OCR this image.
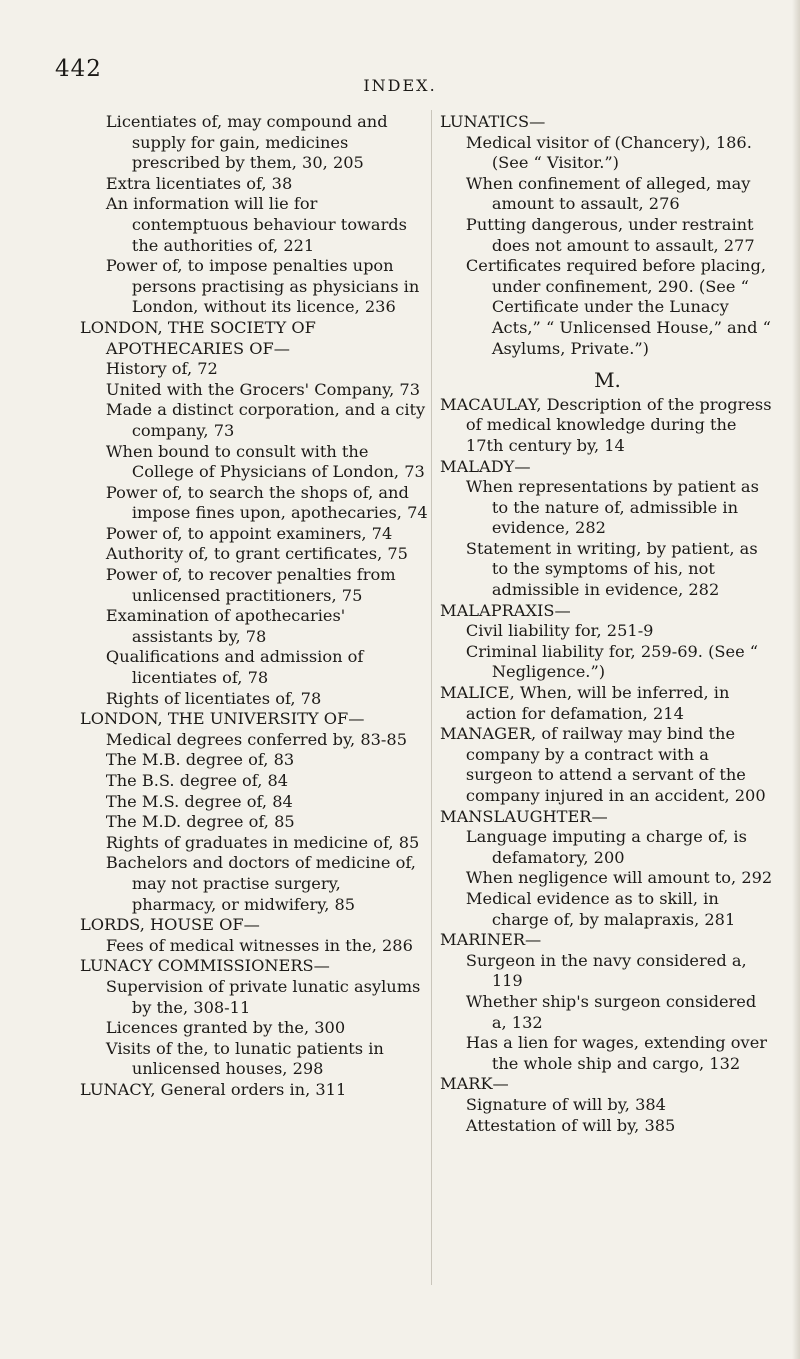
442
INDEX.

Licentiates of, may compound and supply for gain, medicines prescribed by them, 30, 205

Extra licentiates of, 38

An information will lie for contemptuous behaviour towards the authorities of, 221

Power of, to impose penalties upon persons practising as physicians in London, without its licence, 236

LONDON, THE SOCIETY OF APOTHECARIES OF—

History of, 72

United with the Grocers' Company, 73

Made a distinct corporation, and a city company, 73

When bound to consult with the College of Physicians of London, 73

Power of, to search the shops of, and impose fines upon, apothecaries, 74

Power of, to appoint examiners, 74

Authority of, to grant certificates, 75

Power of, to recover penalties from unlicensed practitioners, 75

Examination of apothecaries' assistants by, 78

Qualifications and admission of licentiates of, 78

Rights of licentiates of, 78

LONDON, THE UNIVERSITY OF—

Medical degrees conferred by, 83-85

The M.B. degree of, 83

The B.S. degree of, 84

The M.S. degree of, 84

The M.D. degree of, 85

Rights of graduates in medicine of, 85

Bachelors and doctors of medicine of, may not practise surgery, pharmacy, or midwifery, 85

LORDS, HOUSE OF—

Fees of medical witnesses in the, 286

LUNACY COMMISSIONERS—

Supervision of private lunatic asylums by the, 308-11

Licences granted by the, 300

Visits of the, to lunatic patients in unlicensed houses, 298

LUNACY, General orders in, 311

LUNATICS—

Medical visitor of (Chancery), 186. (See “ Visitor.”)

When confinement of alleged, may amount to assault, 276

Putting dangerous, under restraint does not amount to assault, 277

Certificates required before placing, under confinement, 290. (See “ Certificate under the Lunacy Acts,” “ Unlicensed House,” and “ Asylums, Private.”)

M.

MACAULAY, Description of the progress of medical knowledge during the 17th century by, 14

MALADY—

When representations by patient as to the nature of, admissible in evidence, 282

Statement in writing, by patient, as to the symptoms of his, not admissible in evidence, 282

MALAPRAXIS—

Civil liability for, 251-9

Criminal liability for, 259-69. (See “ Negligence.”)

MALICE, When, will be inferred, in action for defamation, 214

MANAGER, of railway may bind the company by a contract with a surgeon to attend a servant of the company injured in an accident, 200

MANSLAUGHTER—

Language imputing a charge of, is defamatory, 200

When negligence will amount to, 292

Medical evidence as to skill, in charge of, by malapraxis, 281

MARINER—

Surgeon in the navy considered a, 119

Whether ship's surgeon considered a, 132

Has a lien for wages, extending over the whole ship and cargo, 132

MARK—

Signature of will by, 384

Attestation of will by, 385
